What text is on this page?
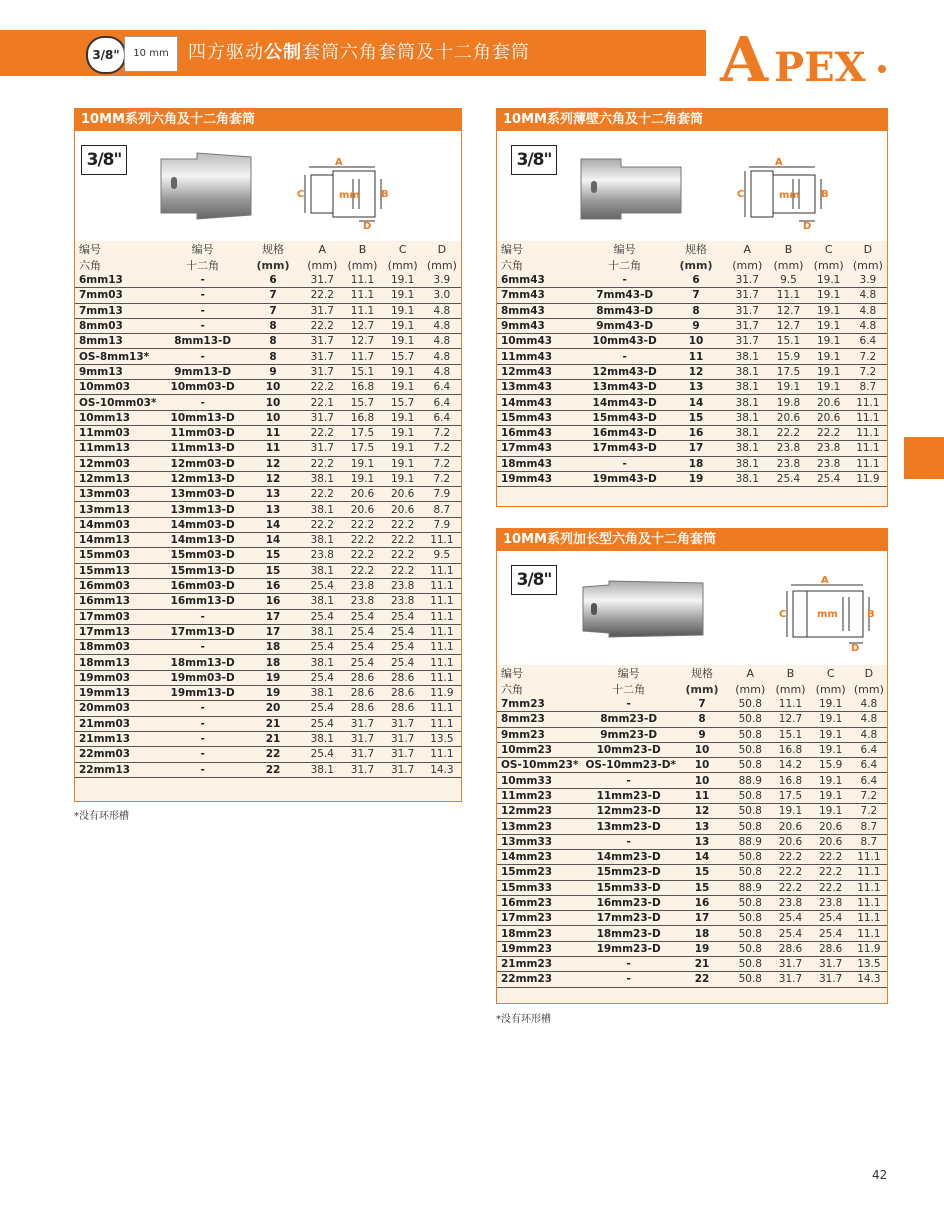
3/8"	10 mm	四方驱动公制套筒六角套筒及十二角套筒	A PEX
10MM系列六角及十二角套筒
3/8"	A
C	B
mm
D
编号	编号	规格	A	B	C	D
六角	十二角	(mm)	(mm)	(mm)	(mm)	(mm)
6mm13	-	6	31.7	11.1	19.1	3.9
7mm03	-	7	22.2	11.1	19.1	3.0
7mm13	-	7	31.7	11.1	19.1	4.8
8mm03	-	8	22.2	12.7	19.1	4.8
8mm13	8mm13-D	8	31.7	12.7	19.1	4.8
OS-8mm13*	-	8	31.7	11.7	15.7	4.8
9mm13	9mm13-D	9	31.7	15.1	19.1	4.8
10mm03	10mm03-D	10	22.2	16.8	19.1	6.4
OS-10mm03*	-	10	22.1	15.7	15.7	6.4
10mm13	10mm13-D	10	31.7	16.8	19.1	6.4
11mm03	11mm03-D	11	22.2	17.5	19.1	7.2
11mm13	11mm13-D	11	31.7	17.5	19.1	7.2
12mm03	12mm03-D	12	22.2	19.1	19.1	7.2
12mm13	12mm13-D	12	38.1	19.1	19.1	7.2
13mm03	13mm03-D	13	22.2	20.6	20.6	7.9
13mm13	13mm13-D	13	38.1	20.6	20.6	8.7
14mm03	14mm03-D	14	22.2	22.2	22.2	7.9
14mm13	14mm13-D	14	38.1	22.2	22.2	11.1
15mm03	15mm03-D	15	23.8	22.2	22.2	9.5
15mm13	15mm13-D	15	38.1	22.2	22.2	11.1
16mm03	16mm03-D	16	25.4	23.8	23.8	11.1
16mm13	16mm13-D	16	38.1	23.8	23.8	11.1
17mm03	-	17	25.4	25.4	25.4	11.1
17mm13	17mm13-D	17	38.1	25.4	25.4	11.1
18mm03	-	18	25.4	25.4	25.4	11.1
18mm13	18mm13-D	18	38.1	25.4	25.4	11.1
19mm03	19mm03-D	19	25.4	28.6	28.6	11.1
19mm13	19mm13-D	19	38.1	28.6	28.6	11.9
20mm03	-	20	25.4	28.6	28.6	11.1
21mm03	-	21	25.4	31.7	31.7	11.1
21mm13	-	21	38.1	31.7	31.7	13.5
22mm03	-	22	25.4	31.7	31.7	11.1
22mm13	-	22	38.1	31.7	31.7	14.3
*没有环形槽
10MM系列薄壁六角及十二角套筒
3/8"	A
C	B
mm
D
编号	编号	规格	A	B	C	D
六角	十二角	(mm)	(mm)	(mm)	(mm)	(mm)
6mm43	-	6	31.7	9.5	19.1	3.9
7mm43	7mm43-D	7	31.7	11.1	19.1	4.8
8mm43	8mm43-D	8	31.7	12.7	19.1	4.8
9mm43	9mm43-D	9	31.7	12.7	19.1	4.8
10mm43	10mm43-D	10	31.7	15.1	19.1	6.4
11mm43	-	11	38.1	15.9	19.1	7.2
12mm43	12mm43-D	12	38.1	17.5	19.1	7.2
13mm43	13mm43-D	13	38.1	19.1	19.1	8.7
14mm43	14mm43-D	14	38.1	19.8	20.6	11.1
15mm43	15mm43-D	15	38.1	20.6	20.6	11.1
16mm43	16mm43-D	16	38.1	22.2	22.2	11.1
17mm43	17mm43-D	17	38.1	23.8	23.8	11.1
18mm43	-	18	38.1	23.8	23.8	11.1
19mm43	19mm43-D	19	38.1	25.4	25.4	11.9
10MM系列加长型六角及十二角套筒
3/8"	A
C	B
mm
D
编号	编号	规格	A	B	C	D
六角	十二角	(mm)	(mm)	(mm)	(mm)	(mm)
7mm23	-	7	50.8	11.1	19.1	4.8
8mm23	8mm23-D	8	50.8	12.7	19.1	4.8
9mm23	9mm23-D	9	50.8	15.1	19.1	4.8
10mm23	10mm23-D	10	50.8	16.8	19.1	6.4
OS-10mm23*	OS-10mm23-D*	10	50.8	14.2	15.9	6.4
10mm33	-	10	88.9	16.8	19.1	6.4
11mm23	11mm23-D	11	50.8	17.5	19.1	7.2
12mm23	12mm23-D	12	50.8	19.1	19.1	7.2
13mm23	13mm23-D	13	50.8	20.6	20.6	8.7
13mm33	-	13	88.9	20.6	20.6	8.7
14mm23	14mm23-D	14	50.8	22.2	22.2	11.1
15mm23	15mm23-D	15	50.8	22.2	22.2	11.1
15mm33	15mm33-D	15	88.9	22.2	22.2	11.1
16mm23	16mm23-D	16	50.8	23.8	23.8	11.1
17mm23	17mm23-D	17	50.8	25.4	25.4	11.1
18mm23	18mm23-D	18	50.8	25.4	25.4	11.1
19mm23	19mm23-D	19	50.8	28.6	28.6	11.9
21mm23	-	21	50.8	31.7	31.7	13.5
22mm23	-	22	50.8	31.7	31.7	14.3
*没有环形槽
42
